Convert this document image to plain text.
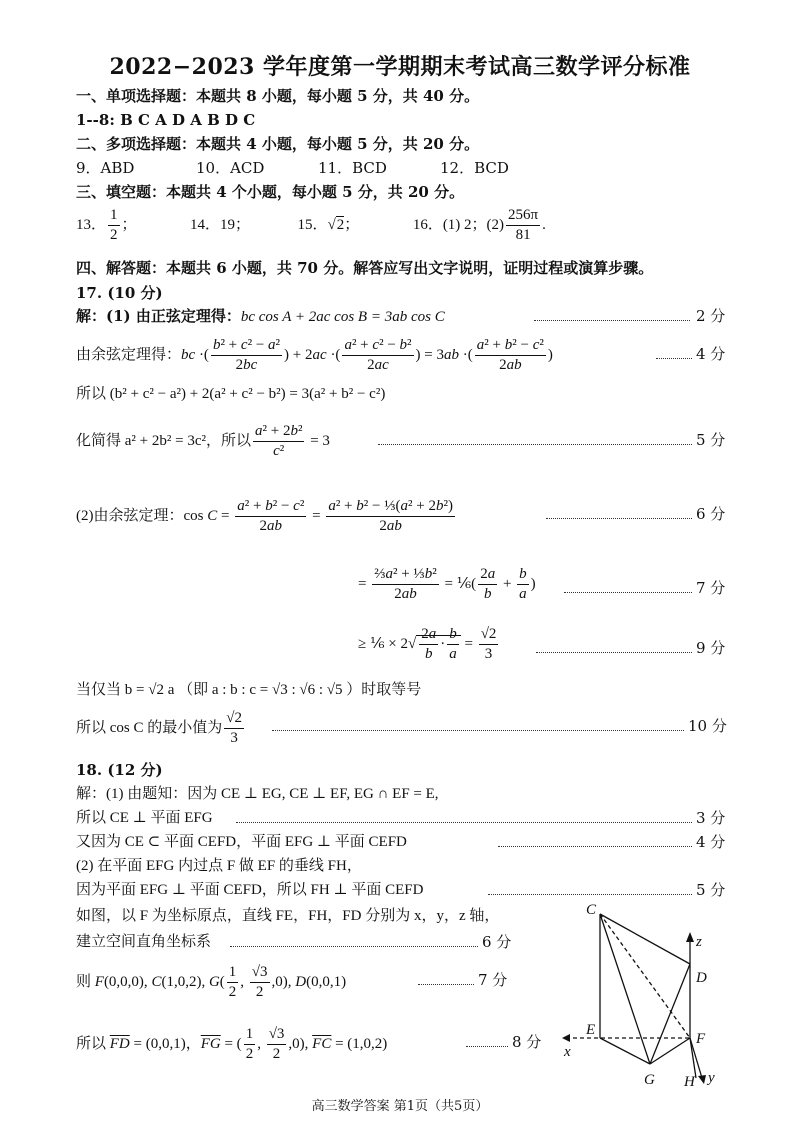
2022−2023 学年度第一学期期末考试高三数学评分标准
一、单项选择题：本题共 8 小题，每小题 5 分，共 40 分。
1--8: B C A D A B D C
二、多项选择题：本题共 4 小题，每小题 5 分，共 20 分。
9．ABD	10．ACD	11．BCD	12．BCD
三、填空题：本题共 4 个小题，每小题 5 分，共 20 分。
13． $\frac{1}{2}$ ；	14．19；	15．√2；	16．(1) 2；$(2) \frac{256\pi}{81}$ .
四、解答题：本题共 6 小题，共 70 分。解答应写出文字说明，证明过程或演算步骤。
17. (10 分)
解：(1) 由正弦定理得：bc cos A + 2ac cos B = 3ab cos C	2 分
由余弦定理得：bc ·( $\frac{\text{b² + c² − a²}}{2bc}$ ) + 2ac ·( $\frac{\text{a² + c² − b²}}{2ac}$ ) = 3ab ·( $\frac{\text{a² + b² − c²}}{2ab}$ )	4 分
所以 (b² + c² − a²) + 2(a² + c² − b²) = 3(a² + b² − c²)
化简得 a² + 2b² = 3c²，所以 $\frac{\text{a² + 2b²}}{\text{c²}} = 3$	5 分
(2)由余弦定理：$\cos C = \frac{\text{a² + b² − c²}}{2ab} = \frac{\text{a² + b² − ⅓(a² + 2b²)}}{2ab}$	6 分
= $\frac{\text{⅔a² + ⅓b²}}{2ab}$ = ⅙( $\frac{2a}{b} + \frac{b}{a}$ )	7 分
≥ ⅙ × $2√ \frac{2a}{b} \cdot \frac{b}{a} = \frac{√2}{3}$	9 分
当仅当 b = √2 a （即 a : b : c = √3 : √6 : √5 ）时取等号
所以 cos C 的最小值为 $\frac{√2}{3}$	10 分
18. (12 分)
解：(1) 由题知：因为 CE ⊥ EG, CE ⊥ EF, EG ∩ EF = E,
所以 CE ⊥ 平面 EFG	3 分
又因为 CE ⊂ 平面 CEFD，平面 EFG ⊥ 平面 CEFD	4 分
(2) 在平面 EFG 内过点 F 做 EF 的垂线 FH，
因为平面 EFG ⊥ 平面 CEFD，所以 FH ⊥ 平面 CEFD	5 分
如图，以 F 为坐标原点，直线 FE，FH，FD 分别为 x，y，z 轴，
建立空间直角坐标系	6 分
则 F(0,0,0), C(1,0,2), $G( \frac{1}{2}$ , $\frac{√3}{2} ,0$), D(0,0,1)	7 分
所以 $\overline{FD} = (0,0,1)$，$\overline{FG}$ = ( $\frac{1}{2}$ , $\frac{√3}{2} ,0$), $\overline{FC} = (1,0,2)$	8 分
C
z
D
E
F
x
G H y
高三数学答案 第1页（共5页）
